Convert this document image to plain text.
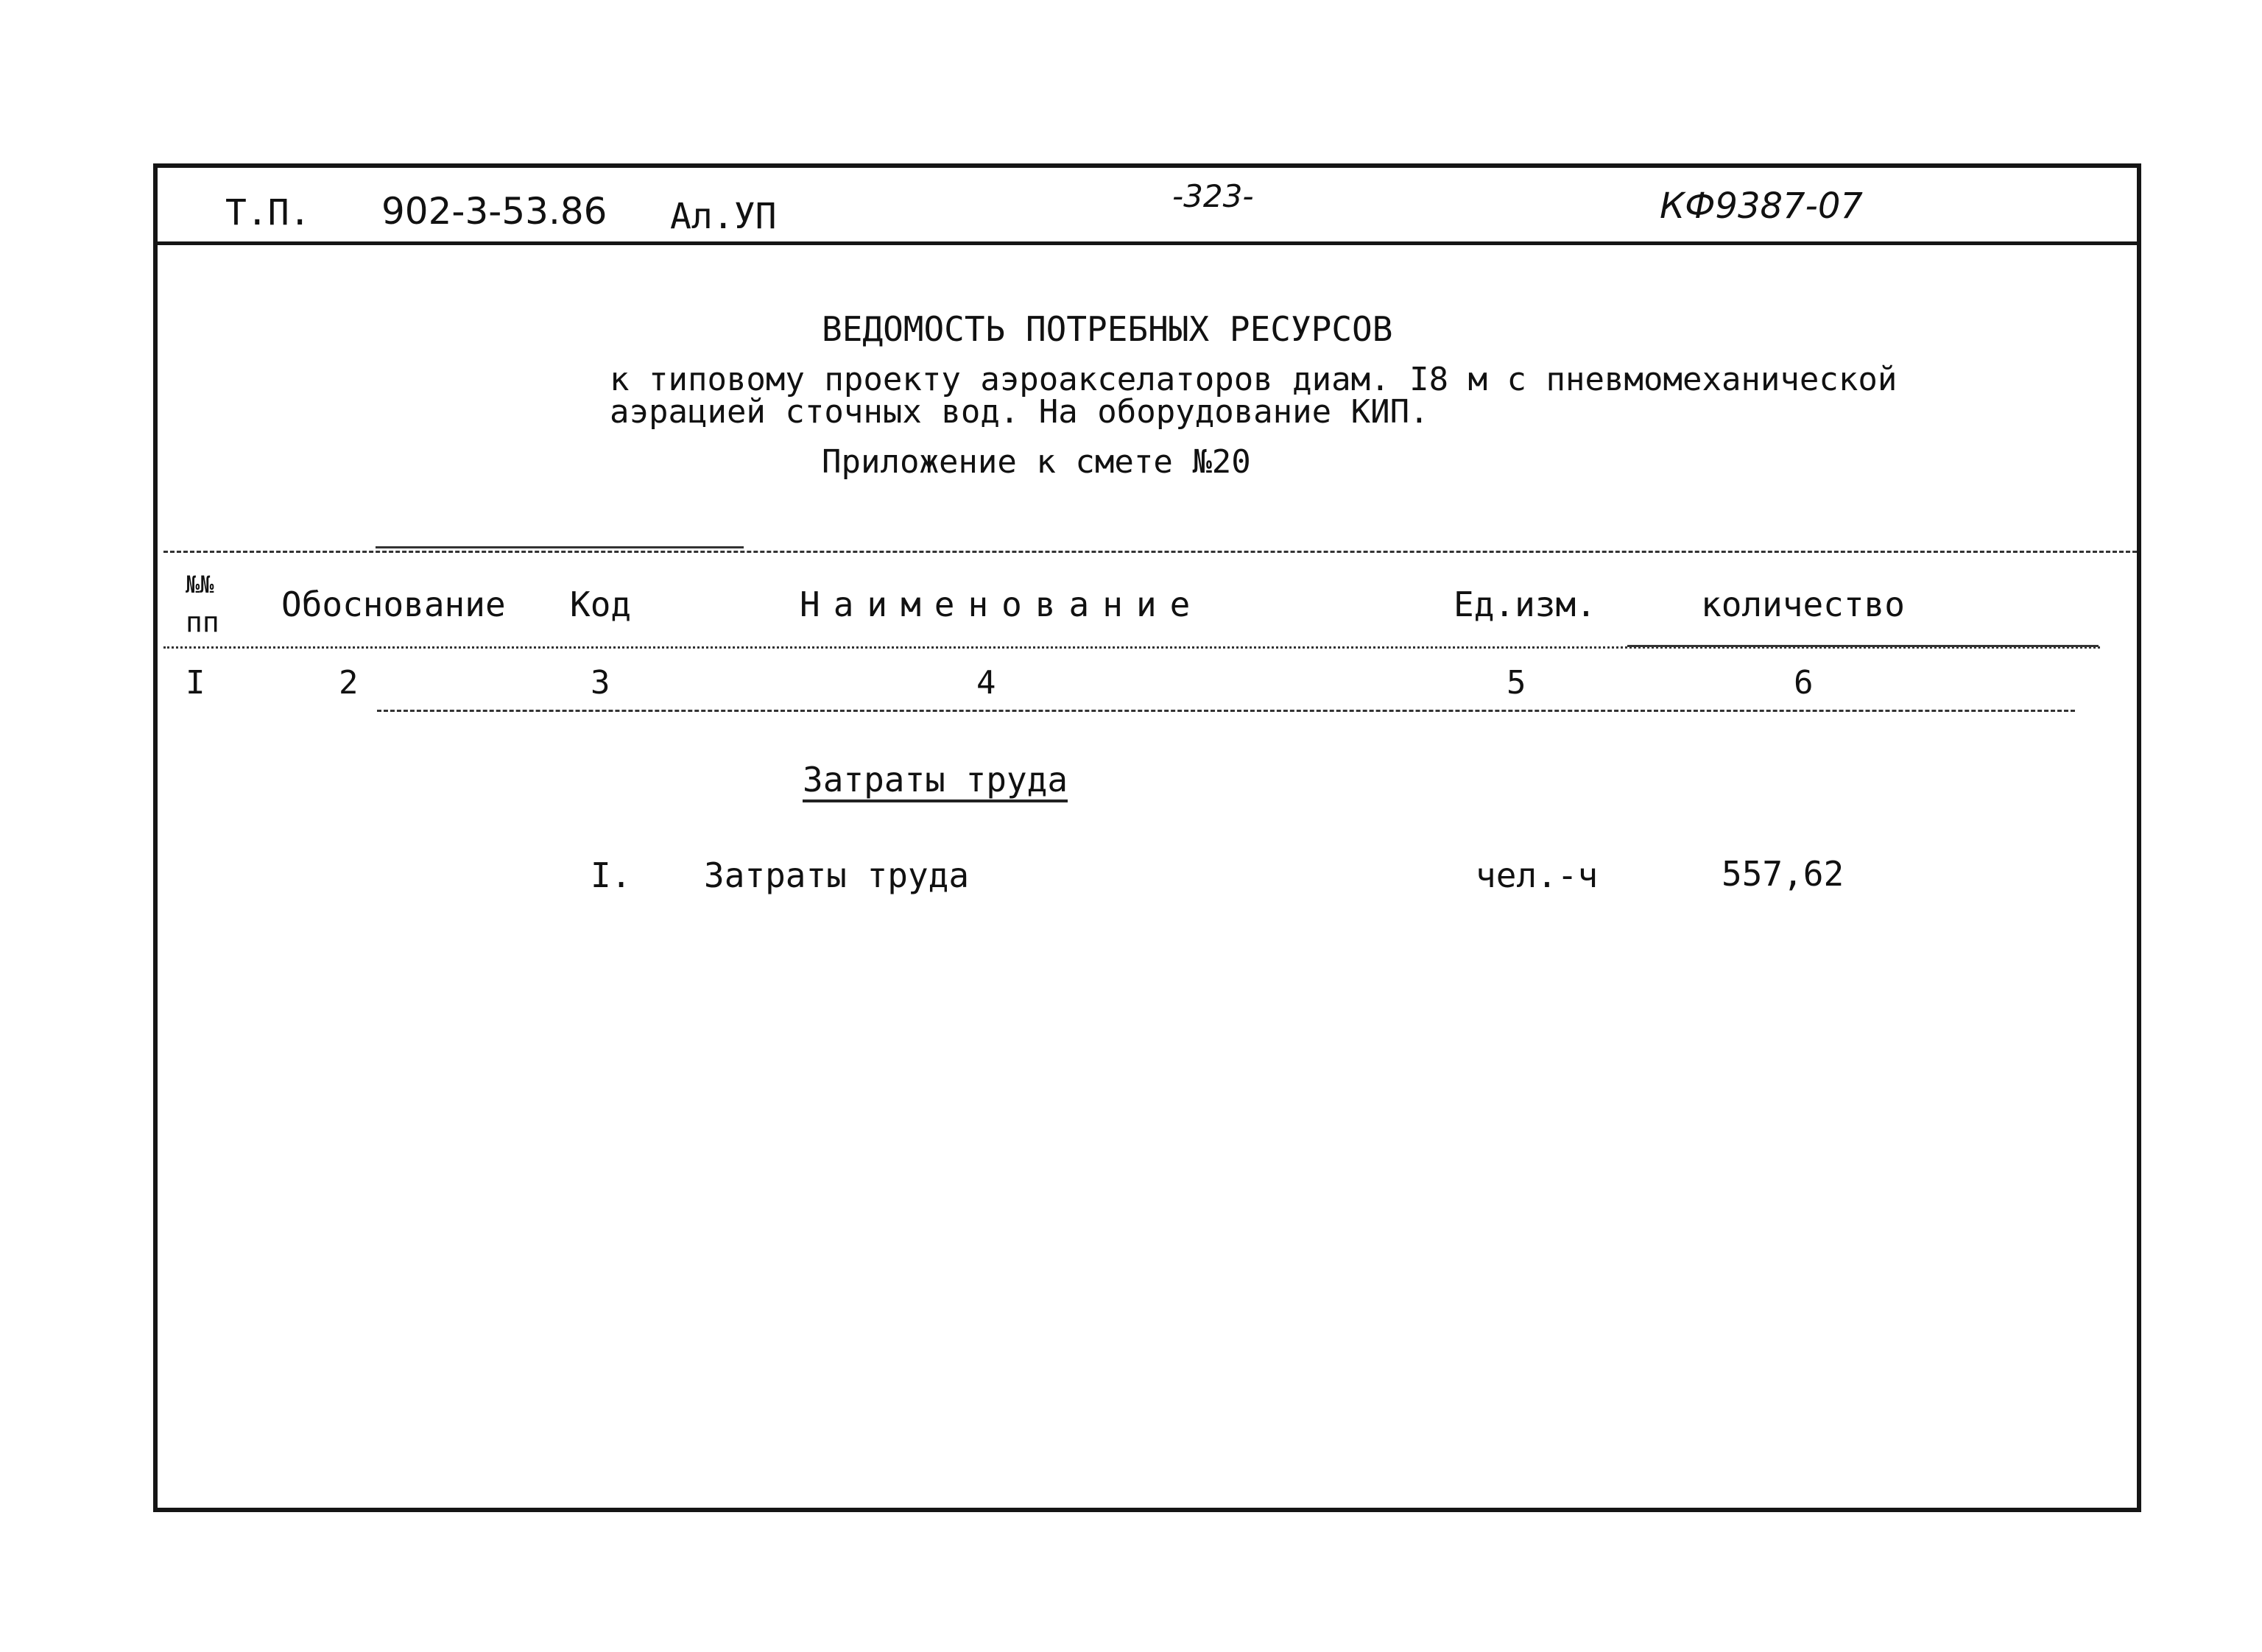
Т.П. 902-3-53.86 Ал.УП	-323-	КФ9387-07
ВЕДОМОСТЬ ПОТРЕБНЫХ РЕСУРСОВ
к типовому проекту аэроакселаторов диам. I8 м с пневмомеханической
аэрацией сточных вод. На оборудование КИП.
Приложение к смете №20
№№
пп Обоснование Код	Наименование	Ед.изм.	количество
I	2	3	4	5	6
Затраты труда
I. Затраты труда	чел.-ч	557,62
